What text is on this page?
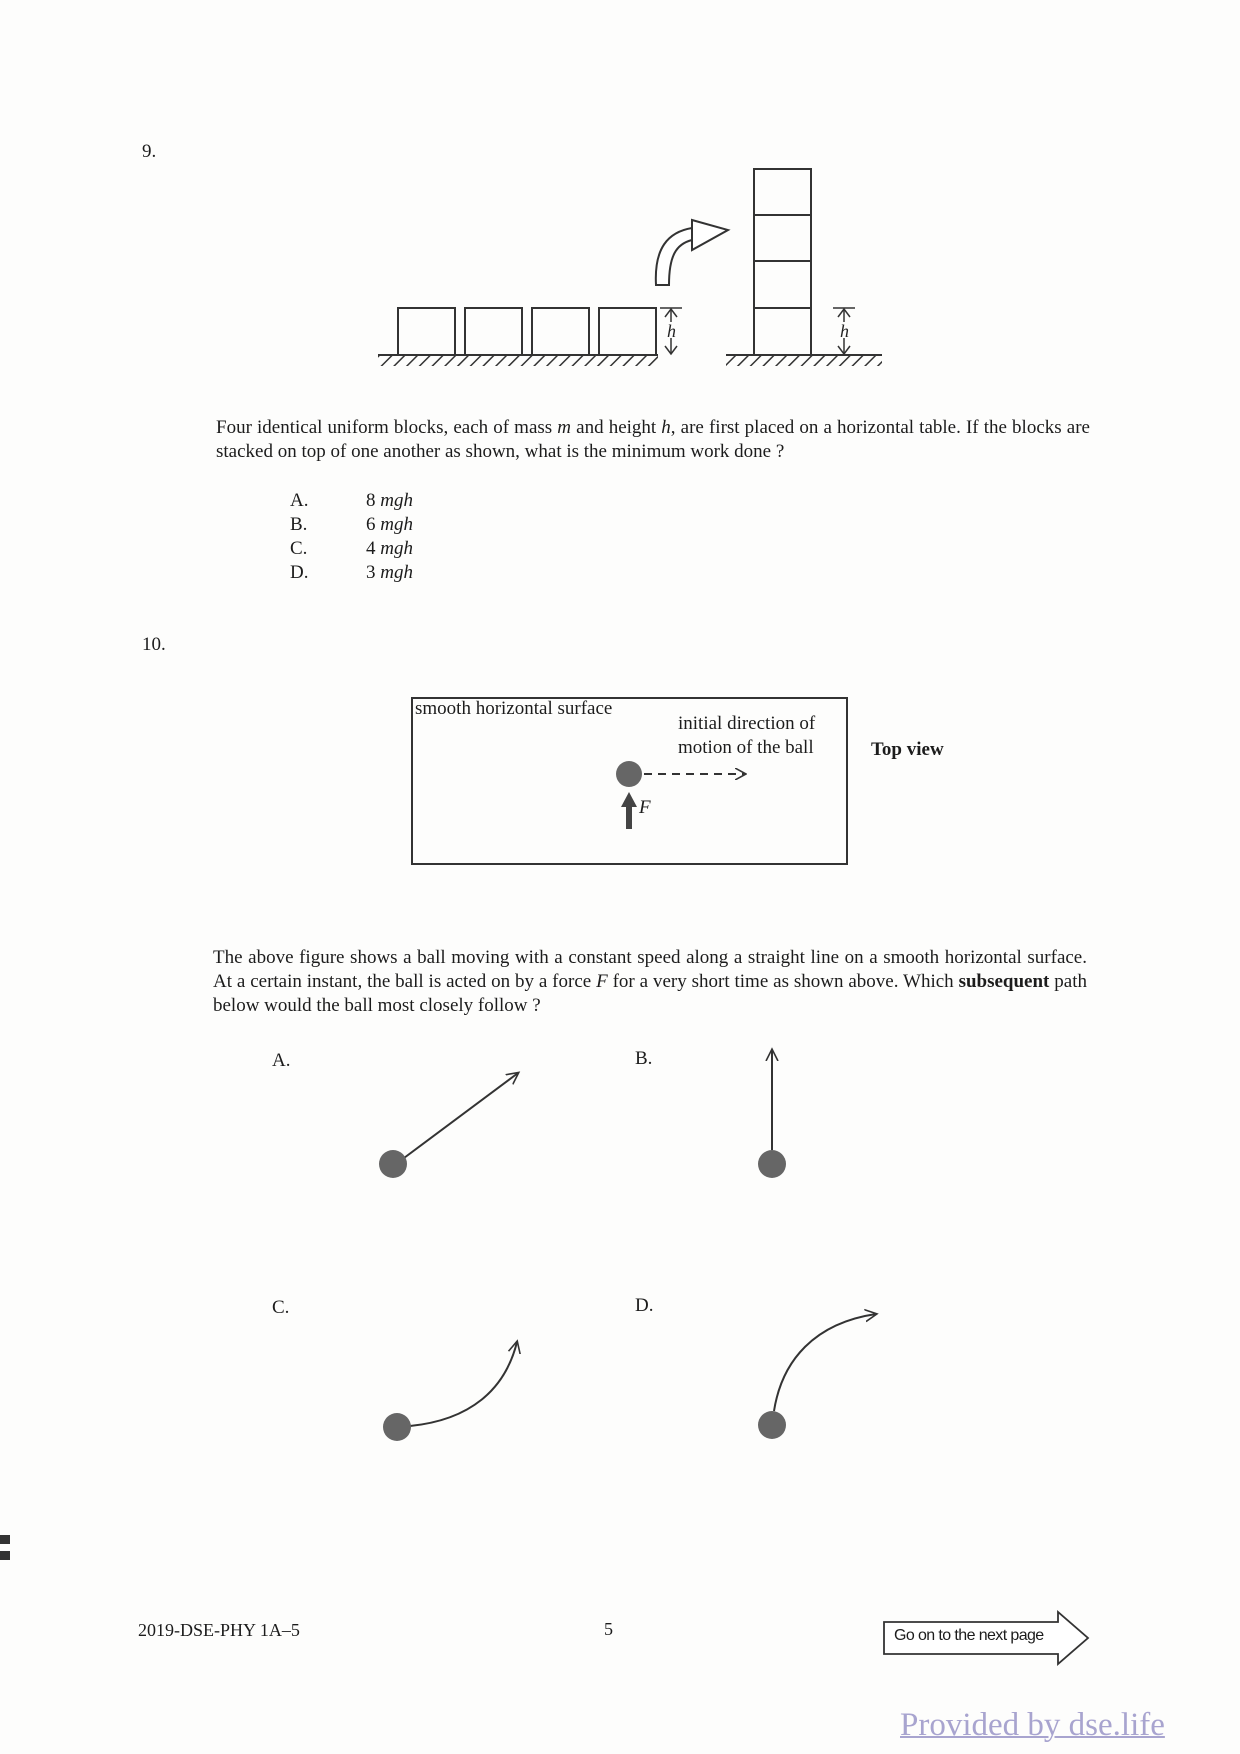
9.
h	h
Four identical uniform blocks, each of mass m and height h, are first placed on a horizontal table. If the blocks are stacked on top of one another as shown, what is the minimum work done ?
A.	8 mgh
B.	6 mgh
C.	4 mgh
D.	3 mgh
10.
smooth horizontal surface
initial direction of
motion of the ball
F
Top view
The above figure shows a ball moving with a constant speed along a straight line on a smooth horizontal surface. At a certain instant, the ball is acted on by a force F for a very short time as shown above. Which subsequent path below would the ball most closely follow ?
A.	B.
C.	D.
2019-DSE-PHY 1A–5	5	Go on to the next page
Provided by dse.life
